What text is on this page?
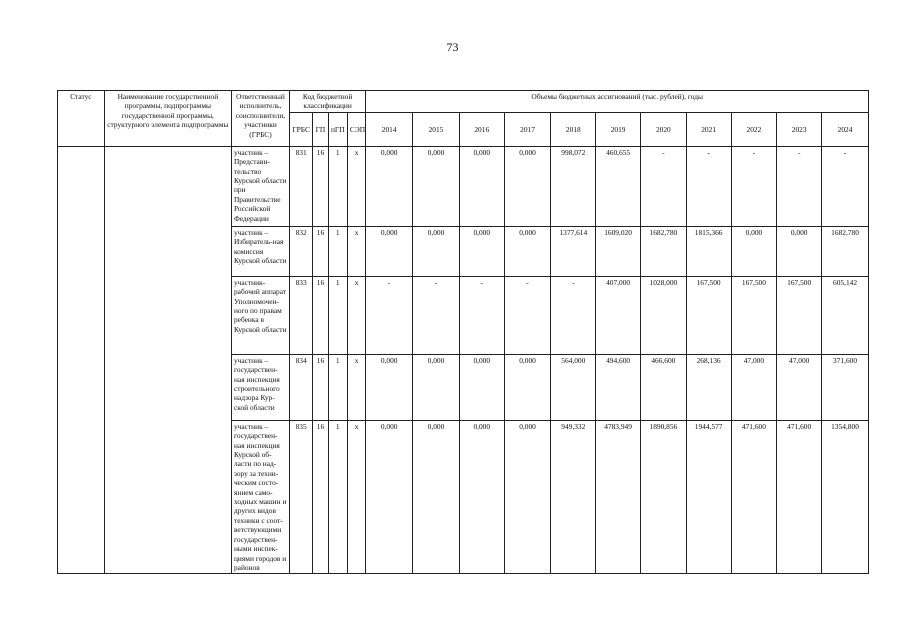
73
Статус	Наименование государственной программы, подпрограммы государственной программы, структурного элемента подпрограммы	Ответственный исполнитель, соисполнители, участники (ГРБС)	Код бюджетной классификации				Объемы бюджетных ассигнований (тыс. рублей), годы										
			ГРБС	ГП	пГП	СЭП	2014	2015	2016	2017	2018	2019	2020	2021	2022	2023	2024
		участник – Представи-тельство Курской области при Правительстве Российской Федерации	831	16	1	х	0,000	0,000	0,000	0,000	998,072	460,655	-	-	-	-	-
		участник – Избиратель-ная комиссия Курской области	832	16	1	х	0,000	0,000	0,000	0,000	1377,614	1609,020	1682,780	1815,366	0,000	0,000	1682,780
		участник-рабочий аппарат Уполномочен-ного по правам ребенка в Курской области	833	16	1	х	-	-	-	-	-	407,000	1028,000	167,500	167,500	167,500	605,142
		участник – государствен-ная инспекция строительного надзора Кур-ской области	834	16	1	х	0,000	0,000	0,000	0,000	564,000	494,600	466,600	268,136	47,000	47,000	371,600
		участник – государствен-ная инспекция Курской об-ласти по над-зору за техни-ческим состо-янием само-ходных машин и других видов техники с соот-ветствующими государствен-ными инспек-циями городов и районов	835	16	1	х	0,000	0,000	0,000	0,000	949,332	4783,949	1890,856	1944,577	471,600	471,600	1354,800
